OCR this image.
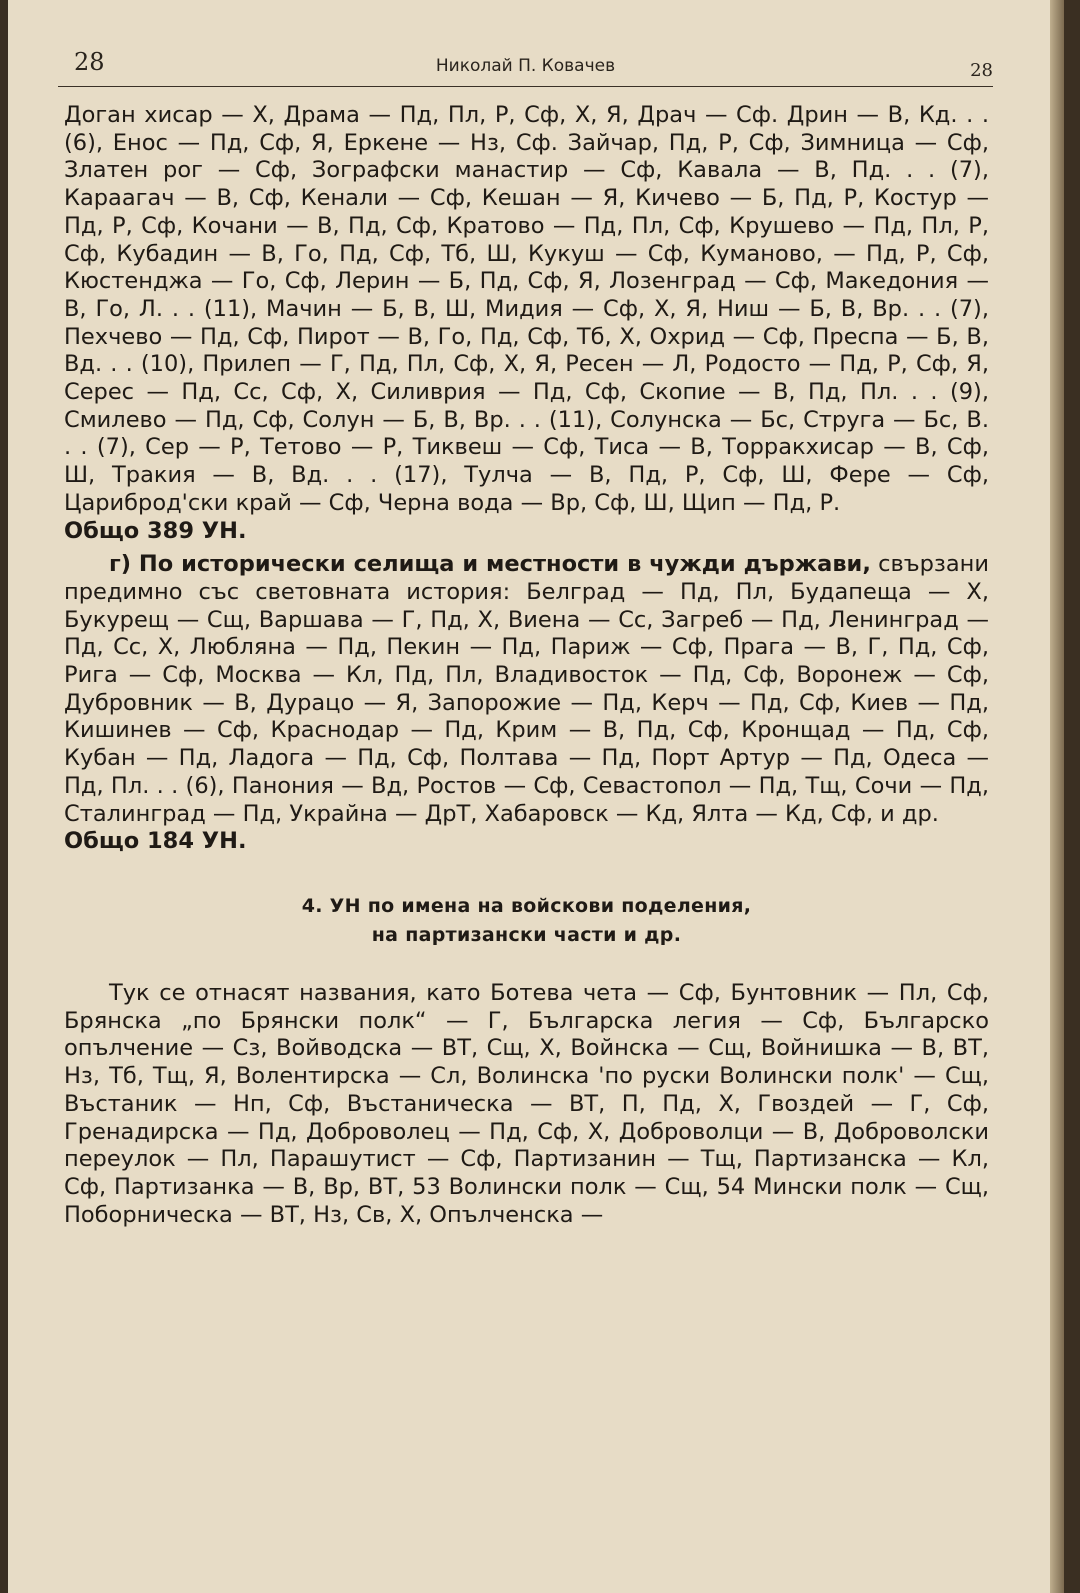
28	Николай П. Ковачев	28

Доган хисар — Х, Драма — Пд, Пл, Р, Сф, Х, Я, Драч — Сф. Дрин — В, Кд. . . (6), Енос — Пд, Сф, Я, Еркене — Нз, Сф. Зайчар, Пд, Р, Сф, Зимница — Сф, Златен рог — Сф, Зографски манастир — Сф, Кавала — В, Пд. . . (7), Караагач — В, Сф, Кенали — Сф, Кешан — Я, Кичево — Б, Пд, Р, Костур — Пд, Р, Сф, Кочани — В, Пд, Сф, Кратово — Пд, Пл, Сф, Крушево — Пд, Пл, Р, Сф, Кубадин — В, Го, Пд, Сф, Тб, Ш, Кукуш — Сф, Куманово, — Пд, Р, Сф, Кюстенджа — Го, Сф, Лерин — Б, Пд, Сф, Я, Лозенград — Сф, Македония — В, Го, Л. . . (11), Мачин — Б, В, Ш, Мидия — Сф, Х, Я, Ниш — Б, В, Вр. . . (7), Пехчево — Пд, Сф, Пирот — В, Го, Пд, Сф, Тб, Х, Охрид — Сф, Преспа — Б, В, Вд. . . (10), Прилеп — Г, Пд, Пл, Сф, Х, Я, Ресен — Л, Родосто — Пд, Р, Сф, Я, Серес — Пд, Сс, Сф, Х, Силиврия — Пд, Сф, Скопие — В, Пд, Пл. . . (9), Смилево — Пд, Сф, Солун — Б, В, Вр. . . (11), Солунска — Бс, Струга — Бс, В. . . (7), Сер — Р, Тетово — Р, Тиквеш — Сф, Тиса — В, Тopракхисар — В, Сф, Ш, Тракия — В, Вд. . . (17), Тулча — В, Пд, Р, Сф, Ш, Фере — Сф, Цариброд'ски край — Сф, Черна вода — Вр, Сф, Ш, Щип — Пд, Р.

Общо 389 УН.

г) По исторически селища и местности в чужди държави, свързани предимно със световната история: Белград — Пд, Пл, Будапеща — Х, Букурещ — Сщ, Варшава — Г, Пд, Х, Виена — Сс, Загреб — Пд, Ленинград — Пд, Сс, Х, Любляна — Пд, Пекин — Пд, Париж — Сф, Прага — В, Г, Пд, Сф, Рига — Сф, Москва — Кл, Пд, Пл, Владивосток — Пд, Сф, Воронеж — Сф, Дубровник — В, Дурацо — Я, Запорожие — Пд, Керч — Пд, Сф, Киев — Пд, Кишинев — Сф, Краснодар — Пд, Крим — В, Пд, Сф, Кронщад — Пд, Сф, Кубан — Пд, Ладога — Пд, Сф, Полтава — Пд, Порт Артур — Пд, Одеса — Пд, Пл. . . (6), Панония — Вд, Ростов — Сф, Севастопол — Пд, Тщ, Сочи — Пд, Сталинград — Пд, Украйна — ДрТ, Хабаровск — Кд, Ялта — Кд, Сф, и др.

Общо 184 УН.

4. УН по имена на войскови поделения,
на партизански части и др.

Тук се отнасят названия, като Ботева чета — Сф, Бунтовник — Пл, Сф, Брянска „по Брянски полк“ — Г, Българска легия — Сф, Българско опълчение — Сз, Войводска — ВТ, Сщ, Х, Войнска — Сщ, Войнишка — В, ВТ, Нз, Тб, Тщ, Я, Волентирска — Сл, Волинска 'по руски Волински полк' — Сщ, Въстаник — Нп, Сф, Въстаническа — ВТ, П, Пд, Х, Гвоздей — Г, Сф, Гренадирска — Пд, Доброволец — Пд, Сф, Х, Доброволци — В, Доброволски переулок — Пл, Парашутист — Сф, Партизанин — Тщ, Партизанска — Кл, Сф, Партизанка — В, Вр, ВТ, 53 Волински полк — Сщ, 54 Мински полк — Сщ, Побoрническа — ВТ, Нз, Св, Х, Опълченска —
